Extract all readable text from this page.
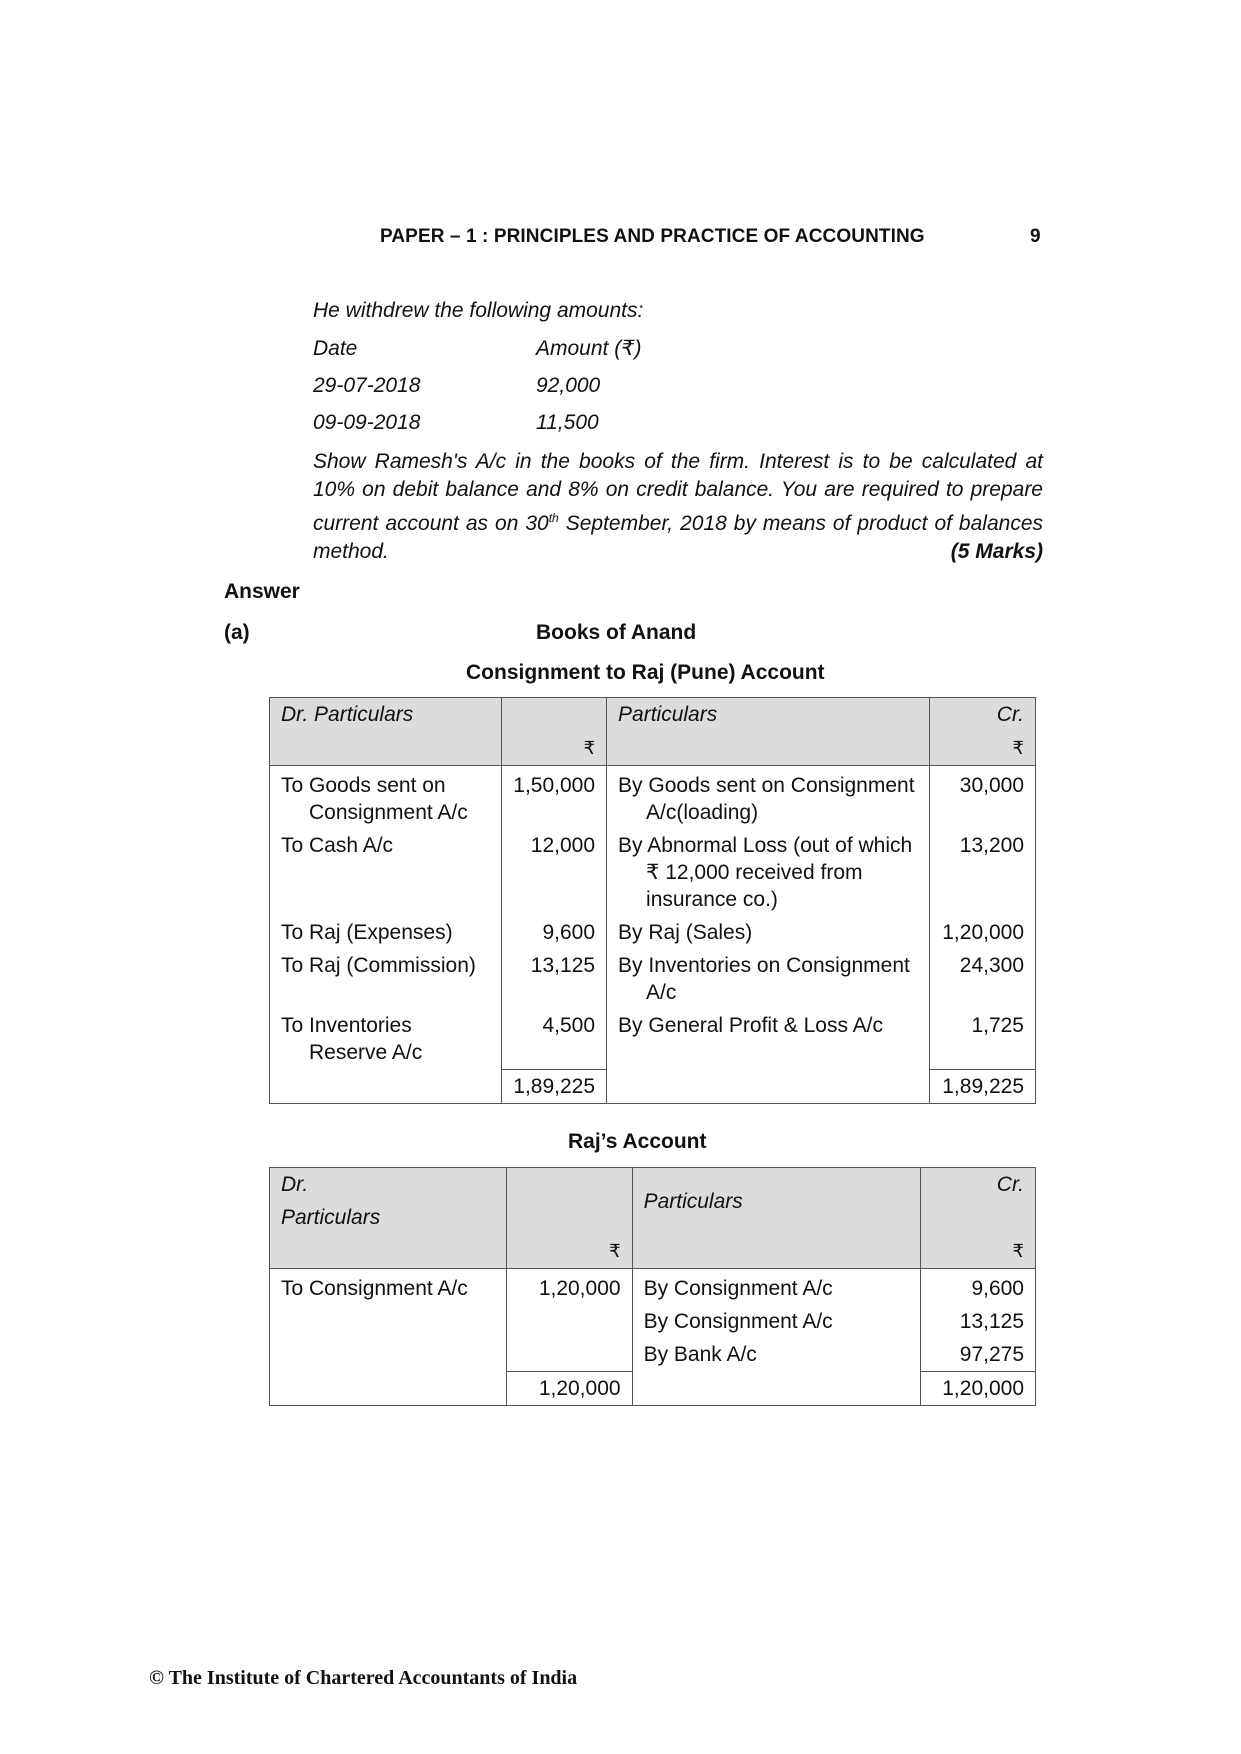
PAPER – 1 : PRINCIPLES AND PRACTICE OF ACCOUNTING	9
He withdrew the following amounts:
Date	Amount (₹)
29-07-2018	92,000
09-09-2018	11,500

Show Ramesh's A/c in the books of the firm. Interest is to be calculated at 10% on debit balance and 8% on credit balance. You are required to prepare current account as on 30th September, 2018 by means of product of balances method.	(5 Marks)
Answer
(a)	Books of Anand
Consignment to Raj (Pune) Account
Dr. Particulars		Particulars	Cr.
	₹		₹
To Goods sent on Consignment A/c	1,50,000	By Goods sent on Consignment A/c(loading)	30,000
To Cash A/c	12,000	By Abnormal Loss (out of which ₹ 12,000 received from insurance co.)	13,200
To Raj (Expenses)	9,600	By Raj (Sales)	1,20,000
To Raj (Commission)	13,125	By Inventories on Consignment A/c	24,300
To Inventories Reserve A/c	4,500	By General Profit & Loss A/c	1,725
	1,89,225		1,89,225
Raj’s Account
Dr.		Particulars	Cr.
Particulars			
	₹		₹
To Consignment A/c	1,20,000	By Consignment A/c	9,600
		By Consignment A/c	13,125
		By Bank A/c	97,275
	1,20,000		1,20,000
© The Institute of Chartered Accountants of India
